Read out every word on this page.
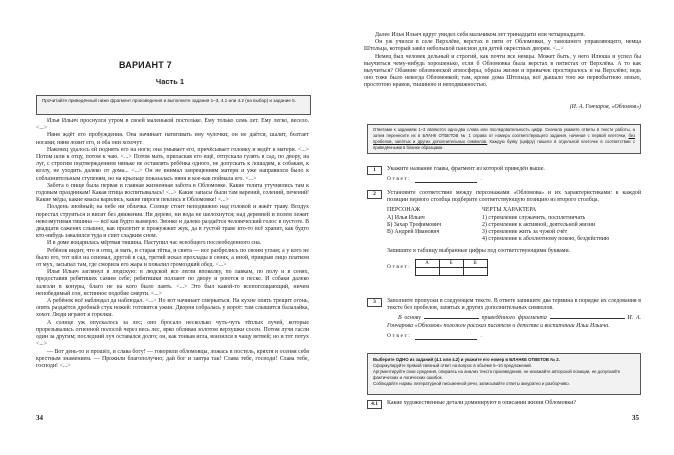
ВАРИАНТ 7
Часть 1
Прочитайте приведённый ниже фрагмент произведения и выполните задания 1–3, 4.1 или 4.2 (на выбор) и задание 5.

Илья Ильич проснулся утром в своей маленькой постельке. Ему только семь лет. Ему легко, весело. <...>

Няня ждёт его пробуждения. Она начинает натягивать ему чулочки; он не даётся, шалит, болтает ногами; няня ловит его, и оба они хохочут.

Наконец удалось ей поднять его на ноги; она умывает его, причёсывает головку и ведёт к матери. <...> Потом шли к отцу, потом к чаю. <...> Потом мать, приласкав его ещё, отпускала гулять в сад, по двору, на луг, с строгим подтверждением няньке не оставлять ребёнка одного, не допускать к лошадям, к собакам, к козлу, не уходить далеко от дома... <...> Он не внимал запрещениям матери и уже направился было к соблазнительным ступеням, но на крыльце показалась няня и кое-как поймала его. <...>

Забота о пище была первая и главная жизненная забота в Обломовке. Какие телята утучнялись там к годовым праздникам! Какая птица воспитывалась! <...> Какие запасы были там варений, солений, печений! Какие мёды, какие квасы варились, какие пироги пеклись в Обломовке! <...>

Полдень знойный; на небе ни облачка. Солнце стоит неподвижно над головой и жжёт траву. Воздух перестал струиться и висит без движения. Ни дерево, ни вода не шелохнутся; над деревней и полем лежит невозмутимая тишина — всё как будто вымерло. Звонко и далеко раздаётся человеческий голос в пустоте. В двадцати саженях слышно, как пролетит и прожужжит жук, да в густой траве кто-то всё храпит, как будто кто-нибудь завалился туда и спит сладким сном.

И в доме воцарилась мёртвая тишина. Наступил час всеобщего послеобеденного сна.

Ребёнок видит, что и отец, и мать, и старая тётка, и свита — все разбрелись по своим углам; а у кого не было его, тот шёл на сеновал, другой в сад, третий искал прохлады в сенях, а иной, прикрыв лицо платком от мух, засыпал там, где сморила его жара и повалил громоздкий обед. <...>

Илья Ильич заглянул в людскую: в людской все легли вповалку, по лавкам, по полу и в сенях, предоставив ребятишек самим себе; ребятишки ползают по двору и роются в песке. И собаки далеко залезли в конуры, благо не на кого было лаять. <...> Это был какой-то всепоглощающий, ничем непобедимый сон, истинное подобие смерти. <...>

А ребёнок всё наблюдал да наблюдал. <...> Но вот начинает смеркаться. На кухне опять трещит огонь, опять раздаётся дробный стук ножей: готовится ужин. Дворня собралась у ворот: там слышится балалайка, хохот. Люди играют в горелки.

А солнце уж опускалось за лес; оно бросало несколько чуть-чуть тёплых лучей, которые прорезывались огненной полосой через весь лес, ярко обливая золотом верхушки сосен. Потом лучи гасли один за другим; последний луч оставался долго; он, как тонкая игла, вонзился в чащу ветвей; но и тот потух <...>

— Вот день-то и прошёл, и слава богу! — говорили обломовцы, ложась в постель, кряхтя и осеняя себя крестным знамением. — Прожили благополучно; дай бог и завтра так! Слава тебе, господи! Слава тебе, господи! <...>

34

Далее Илья Ильич вдруг увидел себя мальчиком лет тринадцати или четырнадцати.

Он уж учился в селе Верхлёве, верстах в пяти от Обломовки, у тамошнего управляющего, немца Штольца, который завёл небольшой пансион для детей окрестных дворян. <...>

Немец был человек дельный и строгий, как почти все немцы. Может быть, у него Илюша и успел бы выучиться чему-нибудь хорошенько, если б Обломовка была верстах в пятистах от Верхлёва. А то как выучиться? Обаяние обломовской атмосферы, образа жизни и привычек простиралось и на Верхлёво; ведь оно тоже было некогда Обломовкой; там, кроме дома Штольца, всё дышало тою же первобытною ленью, простотою нравов, тишиною и неподвижностью.

(И. А. Гончаров, «Обломов»)
Ответами к заданиям 1–3 являются одно-два слова или последовательность цифр. Сначала укажите ответы в тексте работы, а затем перенесите их в БЛАНК ОТВЕТОВ № 1 справа от номера соответствующего задания, начиная с первой клеточки, без пробелов, запятых и других дополнительных символов. Каждую букву (цифру) пишите в отдельной клеточке в соответствии с приведёнными в бланке образцами.
1	Укажите название главы, фрагмент из которой приведён выше.
Ответ:	.
2	Установите соответствие между персонажами «Обломова» и их характеристиками: к каждой позиции первого столбца подберите соответствующую позицию из второго столбца.
ПЕРСОНАЖ
А) Илья Ильич
Б) Захар Трофимович
В) Андрей Иванович
ЧЕРТЫ ХАРАКТЕРА
1) стремление служачить, посплетничать
2) стремление к активной, деятельной жизни
3) стремление жить за чужой счёт
4) стремление к абсолютному покою, бездействию
Запишите в таблицу выбранные цифры под соответствующими буквами.
Ответ:
А	Б	В

3	Заполните пропуски в следующем тексте. В ответе запишите два термина в порядке их следования в тексте без пробелов, запятых и других дополнительных символов.
В основу	приведённого фрагмента	И. А. Гончарова «Обломов» положен рассказ писателя о детстве и воспитании Ильи Ильича.
Ответ:	.
Выберите ОДНО из заданий (4.1 или 4.2) и укажите его номер в БЛАНКЕ ОТВЕТОВ № 2.
Сформулируйте прямой связный ответ на вопрос в объёме 5–10 предложений.
Аргументируйте свои суждения, опираясь на анализ текста произведения, не искажайте авторской позиции, не допускайте фактических и логических ошибок.
Соблюдайте нормы литературной письменной речи, записывайте ответы аккуратно и разборчиво.
4.1	Какие художественные детали доминируют в описании жизни Обломовки?
35
